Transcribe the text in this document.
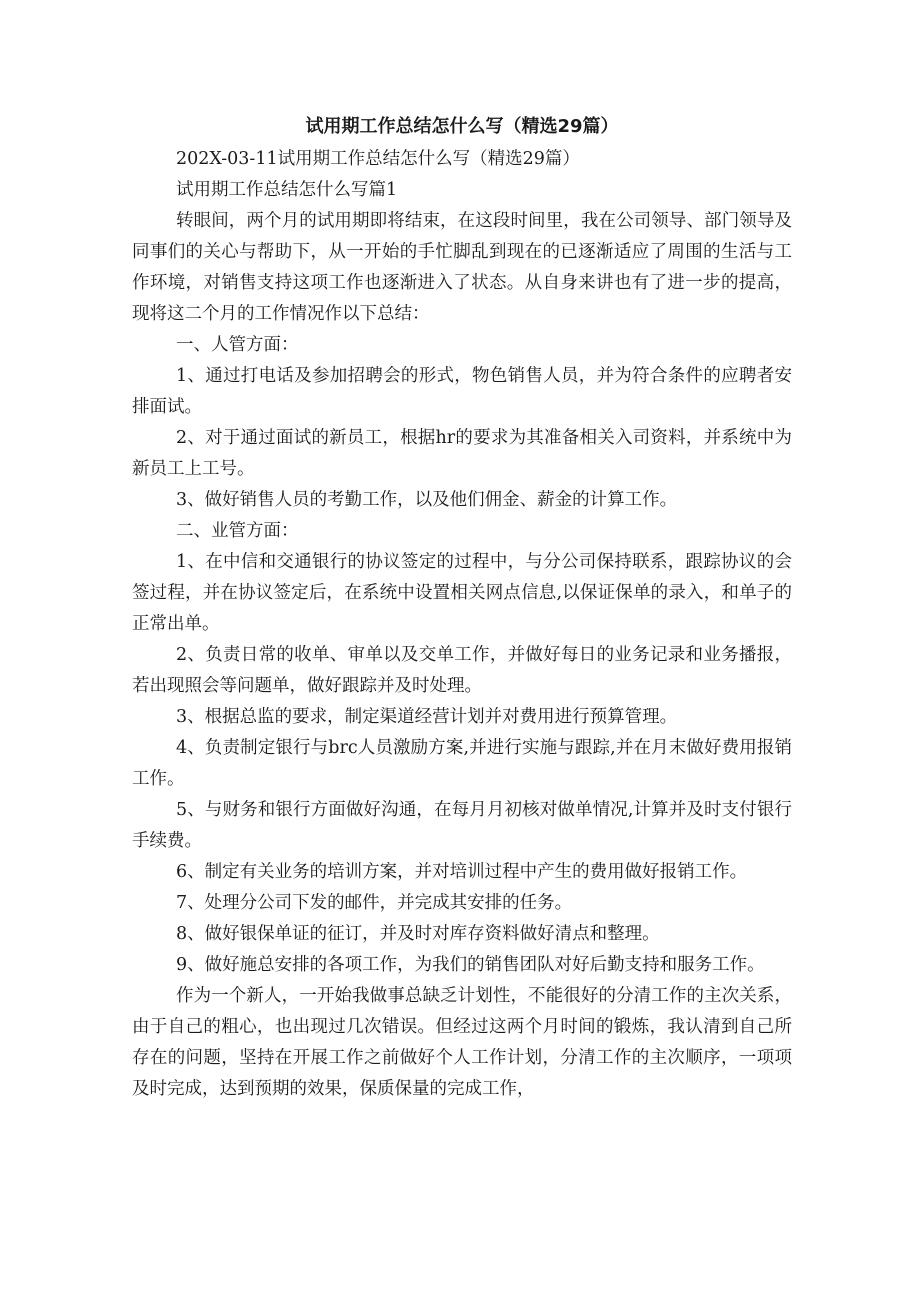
试用期工作总结怎什么写（精选29篇）

202X-03-11试用期工作总结怎什么写（精选29篇）

试用期工作总结怎什么写篇1

转眼间，两个月的试用期即将结束，在这段时间里，我在公司领导、部门领导及同事们的关心与帮助下，从一开始的手忙脚乱到现在的已逐渐适应了周围的生活与工作环境，对销售支持这项工作也逐渐进入了状态。从自身来讲也有了进一步的提高，现将这二个月的工作情况作以下总结：

一、人管方面：

1、通过打电话及参加招聘会的形式，物色销售人员，并为符合条件的应聘者安排面试。

2、对于通过面试的新员工，根据hr的要求为其准备相关入司资料，并系统中为新员工上工号。

3、做好销售人员的考勤工作，以及他们佣金、薪金的计算工作。

二、业管方面：

1、在中信和交通银行的协议签定的过程中，与分公司保持联系，跟踪协议的会签过程，并在协议签定后，在系统中设置相关网点信息,以保证保单的录入，和单子的正常出单。

2、负责日常的收单、审单以及交单工作，并做好每日的业务记录和业务播报，若出现照会等问题单，做好跟踪并及时处理。

3、根据总监的要求，制定渠道经营计划并对费用进行预算管理。

4、负责制定银行与brc人员激励方案,并进行实施与跟踪,并在月末做好费用报销工作。

5、与财务和银行方面做好沟通，在每月月初核对做单情况,计算并及时支付银行手续费。

6、制定有关业务的培训方案，并对培训过程中产生的费用做好报销工作。

7、处理分公司下发的邮件，并完成其安排的任务。

8、做好银保单证的征订，并及时对库存资料做好清点和整理。

9、做好施总安排的各项工作，为我们的销售团队对好后勤支持和服务工作。

作为一个新人，一开始我做事总缺乏计划性，不能很好的分清工作的主次关系，由于自己的粗心，也出现过几次错误。但经过这两个月时间的锻炼，我认清到自己所存在的问题，坚持在开展工作之前做好个人工作计划，分清工作的主次顺序，一项项及时完成，达到预期的效果，保质保量的完成工作，
